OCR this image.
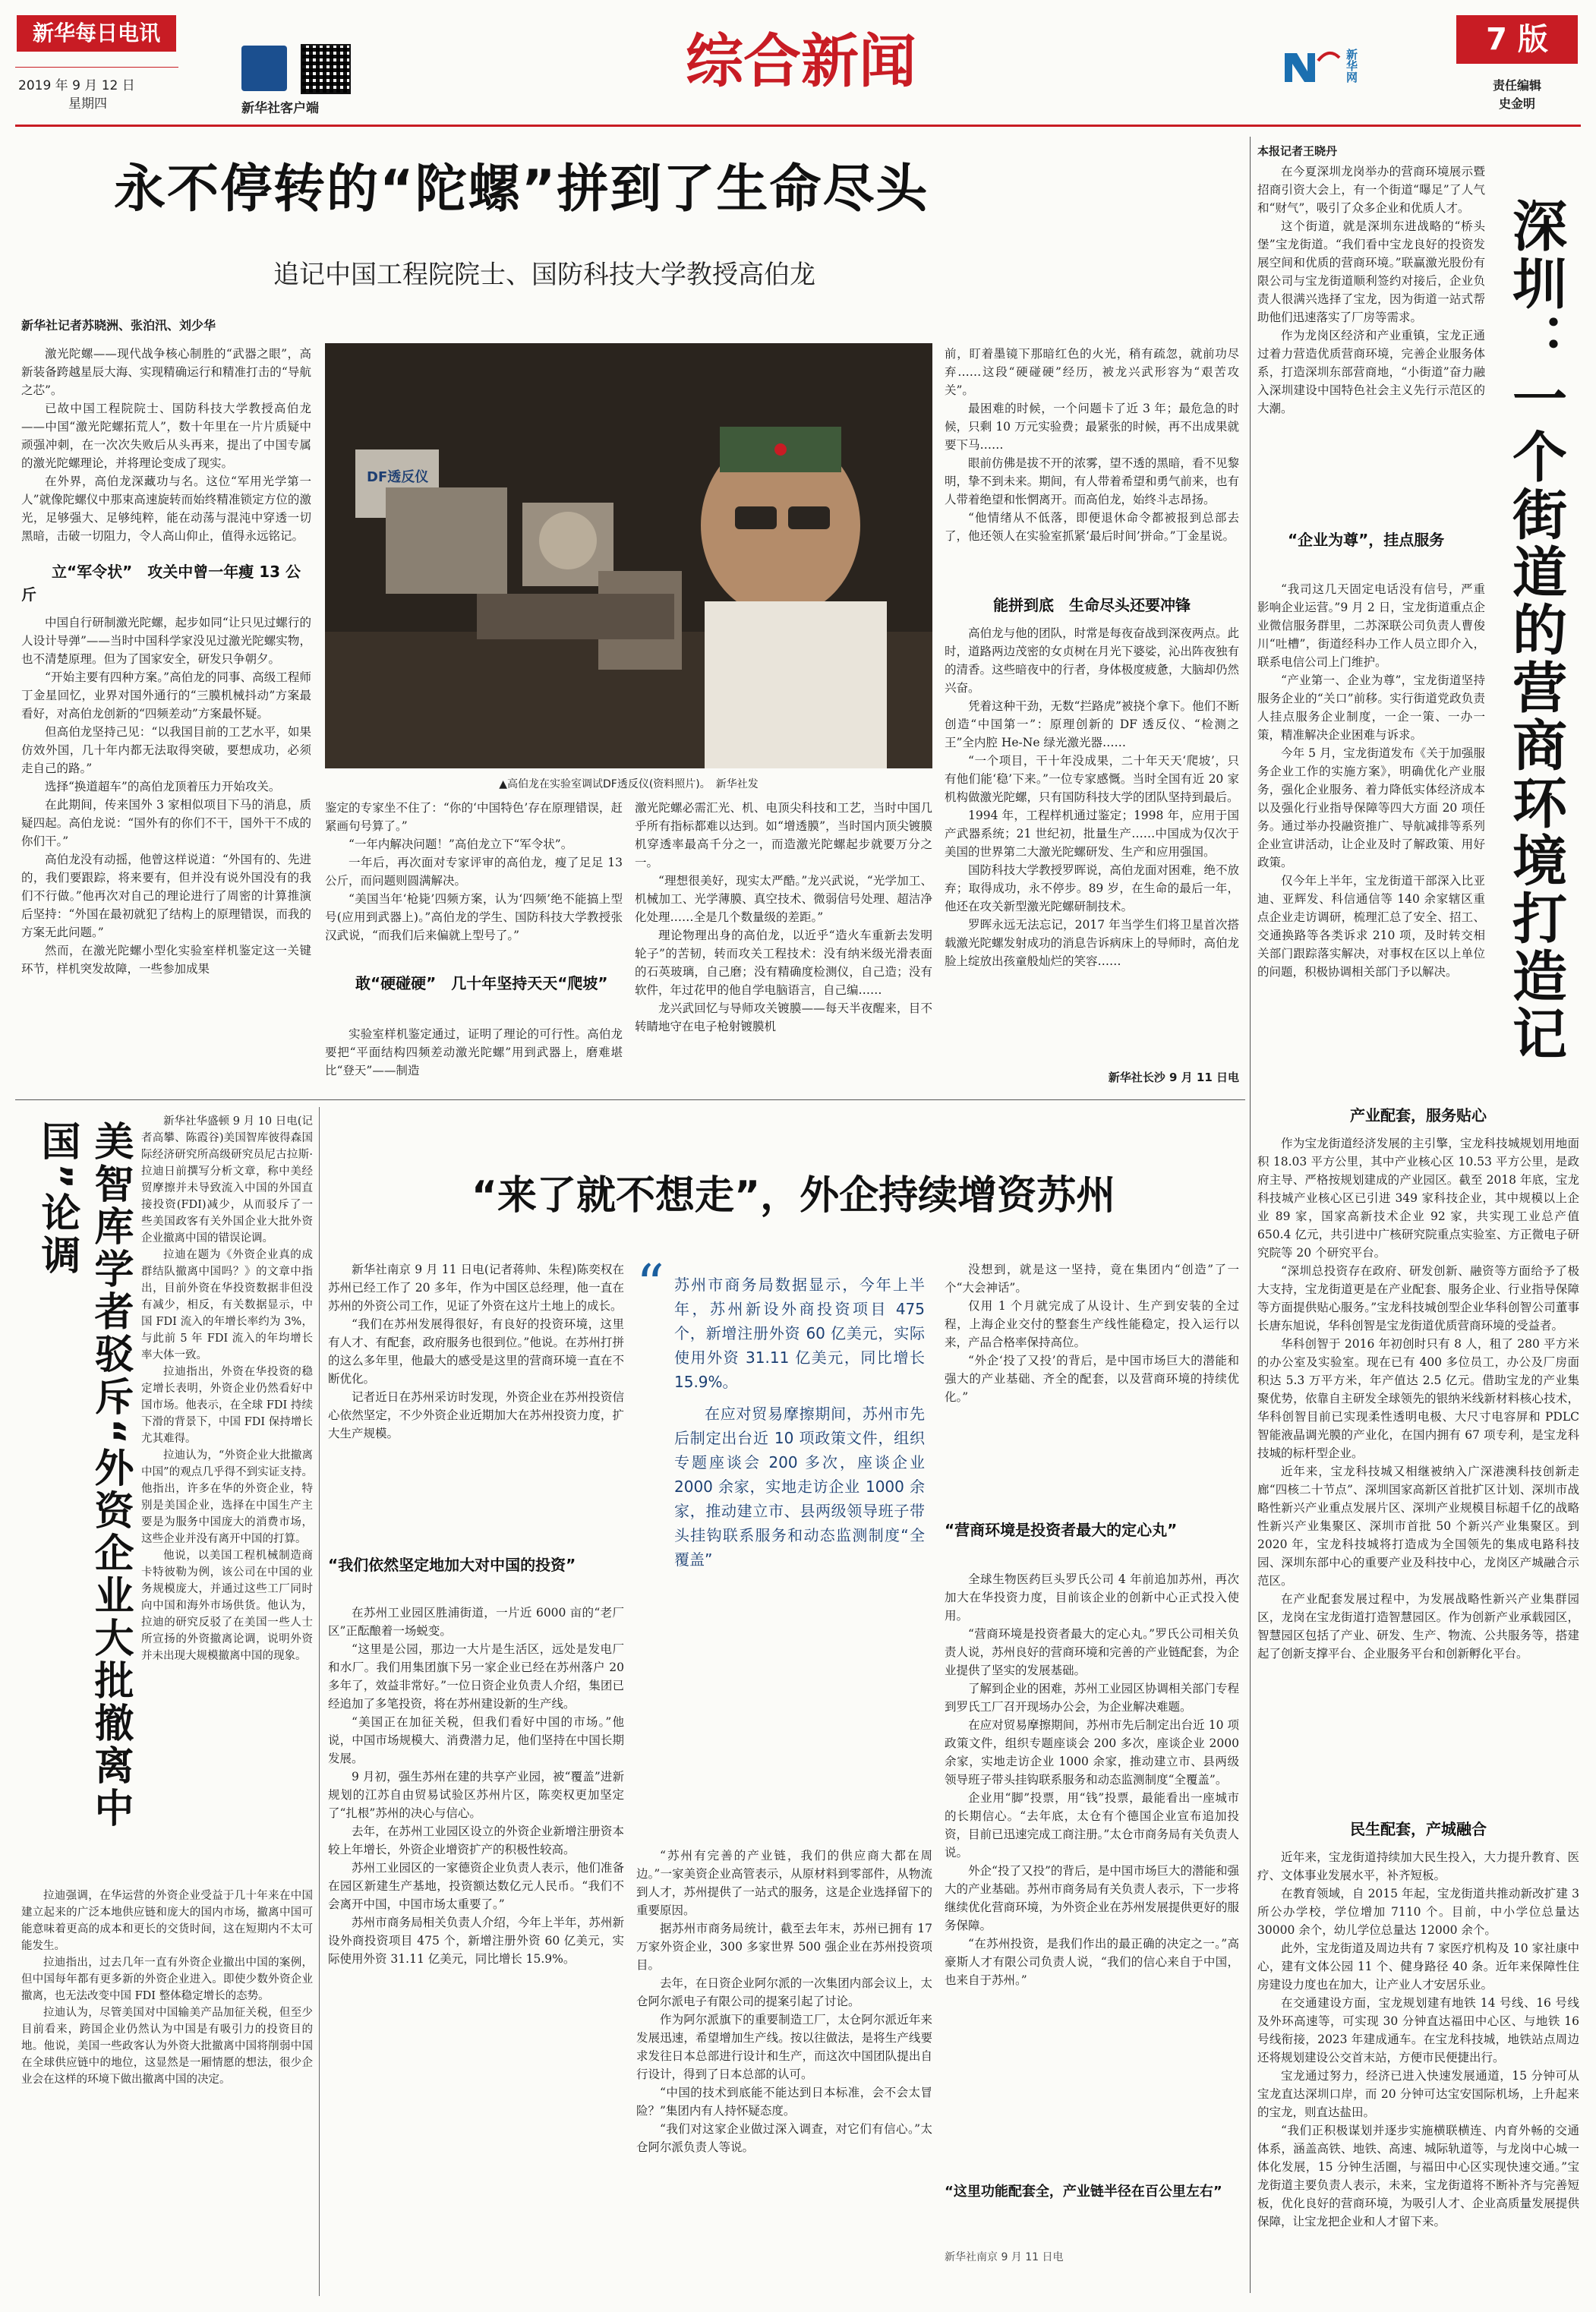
新华每日电讯
2019 年 9 月 12 日
星期四	新华社客户端
综合新闻	新华网
7 版
责任编辑
史金明
永不停转的“陀螺”拼到了生命尽头
追记中国工程院院士、国防科技大学教授高伯龙
新华社记者苏晓洲、张泊汛、刘少华

激光陀螺——现代战争核心制胜的“武器之眼”，高新装备跨越星辰大海、实现精确运行和精准打击的“导航之芯”。

已故中国工程院院士、国防科技大学教授高伯龙——中国“激光陀螺拓荒人”，数十年里在一片片质疑中顽强冲刺，在一次次失败后从头再来，提出了中国专属的激光陀螺理论，并将理论变成了现实。

在外界，高伯龙深藏功与名。这位“军用光学第一人”就像陀螺仪中那束高速旋转而始终精准锁定方位的激光，足够强大、足够纯粹，能在动荡与混沌中穿透一切黑暗，击破一切阻力，令人高山仰止，值得永远铭记。

立“军令状”　攻关中曾一年瘦 13 公斤

中国自行研制激光陀螺，起步如同“让只见过螺行的人设计导弹”——当时中国科学家没见过激光陀螺实物，也不清楚原理。但为了国家安全，研发只争朝夕。

“开始主要有四种方案。”高伯龙的同事、高级工程师丁金星回忆，业界对国外通行的“三膜机械抖动”方案最看好，对高伯龙创新的“四频差动”方案最怀疑。

但高伯龙坚持己见：“以我国目前的工艺水平，如果仿效外国，几十年内都无法取得突破，要想成功，必须走自己的路。”

选择“换道超车”的高伯龙顶着压力开始攻关。

在此期间，传来国外 3 家相似项目下马的消息，质疑四起。高伯龙说：“国外有的你们不干，国外干不成的你们干。”

高伯龙没有动摇，他曾这样说道：“外国有的、先进的，我们要跟踪，将来要有，但并没有说外国没有的我们不行做。”他再次对自己的理论进行了周密的计算推演后坚持：“外国在最初就犯了结构上的原理错误，而我的方案无此问题。”

然而，在激光陀螺小型化实验室样机鉴定这一关键环节，样机突发故障，一些参加成果

DF透反仪
▲高伯龙在实验室调试DF透反仪(资料照片)。　新华社发

鉴定的专家坐不住了：“你的‘中国特色’存在原理错误，赶紧画句号算了。”

“一年内解决问题！”高伯龙立下“军令状”。

一年后，再次面对专家评审的高伯龙，瘦了足足 13 公斤，而问题则圆满解决。

“美国当年‘枪毙’四频方案，认为‘四频’绝不能搞上型号(应用到武器上)。”高伯龙的学生、国防科技大学教授张汉武说，“而我们后来偏就上型号了。”

敢“硬碰硬”　几十年坚持天天“爬坡”

实验室样机鉴定通过，证明了理论的可行性。高伯龙要把“平面结构四频差动激光陀螺”用到武器上，磨难堪比“登天”——制造

激光陀螺必需汇光、机、电顶尖科技和工艺，当时中国几乎所有指标都难以达到。如“增透膜”，当时国内顶尖镀膜机穿透率最高千分之一，而造激光陀螺起步就要万分之一。

“理想很美好，现实太严酷。”龙兴武说，“光学加工、机械加工、光学薄膜、真空技术、微弱信号处理、超洁净化处理……全是几个数量级的差距。”

理论物理出身的高伯龙，以近乎“造火车重新去发明轮子”的苦韧，转而攻关工程技术：没有纳米级光滑表面的石英玻璃，自己磨；没有精确度检测仪，自己造；没有软件，年过花甲的他自学电脑语言，自己编……

龙兴武回忆与导师攻关镀膜——每天半夜醒来，目不转睛地守在电子枪射镀膜机

前，盯着墨镜下那暗红色的火光，稍有疏忽，就前功尽弃……这段“硬碰硬”经历，被龙兴武形容为“艰苦攻关”。

最困难的时候，一个问题卡了近 3 年；最危急的时候，只剩 10 万元实验费；最紧张的时候，再不出成果就要下马……

眼前仿佛是拔不开的浓雾，望不透的黑暗，看不见黎明，挚不到未来。期间，有人带着希望和勇气前来，也有人带着绝望和怅惘离开。而高伯龙，始终斗志昂扬。

“他情绪从不低落，即便退休命令都被报到总部去了，他还领人在实验室抓紧‘最后时间’拼命。”丁金星说。

能拼到底　生命尽头还要冲锋

高伯龙与他的团队，时常是每夜奋战到深夜两点。此时，道路两边茂密的女贞树在月光下婆娑，沁出阵夜独有的清香。这些暗夜中的行者，身体极度疲惫，大脑却仍然兴奋。

凭着这种干劲，无数“拦路虎”被挠个拿下。他们不断创造“中国第一”：原理创新的 DF 透反仪、“检测之王”全内腔 He-Ne 绿光激光器……

“一个项目，干十年没成果，二十年天天‘爬坡’，只有他们能‘稳’下来。”一位专家感慨。当时全国有近 20 家机构做激光陀螺，只有国防科技大学的团队坚持到最后。

1994 年，工程样机通过鉴定；1998 年，应用于国产武器系统；21 世纪初，批量生产……中国成为仅次于美国的世界第二大激光陀螺研发、生产和应用强国。

国防科技大学教授罗晖说，高伯龙面对困难，绝不放弃；取得成功，永不停步。89 岁，在生命的最后一年，他还在攻关新型激光陀螺研制技术。

罗晖永远无法忘记，2017 年当学生们将卫星首次搭载激光陀螺发射成功的消息告诉病床上的导师时，高伯龙脸上绽放出孩童般灿烂的笑容……

新华社长沙 9 月 11 日电
本报记者王晓丹

在今夏深圳龙岗举办的营商环境展示暨招商引资大会上，有一个街道“曝足”了人气和“财气”，吸引了众多企业和优质人才。

这个街道，就是深圳东进战略的“桥头堡”宝龙街道。“我们看中宝龙良好的投资发展空间和优质的营商环境。”联赢激光股份有限公司与宝龙街道顺利签约对接后，企业负责人很满兴选择了宝龙，因为街道一站式帮助他们迅速落实了厂房等需求。

作为龙岗区经济和产业重镇，宝龙正通过着力营造优质营商环境，完善企业服务体系，打造深圳东部营商地，“小街道”奋力融入深圳建设中国特色社会主义先行示范区的大潮。	深圳：一个街道的营商环境打造记
“企业为尊”，挂点服务

“我司这几天固定电话没有信号，严重影响企业运营。”9 月 2 日，宝龙街道重点企业微信服务群里，二苏深联公司负责人曹俊川“吐槽”，街道经科办工作人员立即介入，联系电信公司上门维护。

“产业第一、企业为尊”，宝龙街道坚持服务企业的“关口”前移。实行街道党政负责人挂点服务企业制度，一企一策、一办一策，精准解决企业困难与诉求。

今年 5 月，宝龙街道发布《关于加强服务企业工作的实施方案》，明确优化产业服务，强化企业服务、着力降低实体经济成本以及强化行业指导保障等四大方面 20 项任务。通过举办投融资推广、导航减排等系列企业宣讲活动，让企业及时了解政策、用好政策。

仅今年上半年，宝龙街道干部深入比亚迪、亚辉发、科信通信等 140 余家辖区重点企业走访调研，梳理汇总了安全、招工、交通换路等各类诉求 210 项，及时转交相关部门跟踪落实解决，对事权在区以上单位的问题，积极协调相关部门予以解决。

产业配套，服务贴心

作为宝龙街道经济发展的主引擎，宝龙科技城规划用地面积 18.03 平方公里，其中产业核心区 10.53 平方公里，是政府主导、严格按规划建成的产业园区。截至 2018 年底，宝龙科技城产业核心区已引进 349 家科技企业，其中规模以上企业 89 家，国家高新技术企业 92 家，共实现工业总产值 650.4 亿元，共引进中广核研究院重点实验室、方正微电子研究院等 20 个研究平台。

“深圳总投资存在政府、研发创新、融资等方面给予了极大支持，宝龙街道更是在产业配套、服务企业、行业指导保障等方面提供贴心服务。”宝龙科技城创型企业华科创智公司董事长唐东旭说，华科创智是宝龙街道优质营商环境的受益者。

华科创智于 2016 年初创时只有 8 人，租了 280 平方米的办公室及实验室。现在已有 400 多位员工，办公及厂房面积达 5.3 万平方米，年产值达 2.5 亿元。借助宝龙的产业集聚优势，依靠自主研发全球领先的银纳米线新材料核心技术，华科创智目前已实现柔性透明电极、大尺寸电容屏和 PDLC 智能液晶调光膜的产业化，在国内拥有 67 项专利，是宝龙科技城的标杆型企业。

近年来，宝龙科技城又相继被纳入广深港澳科技创新走廊“四核二十节点”、深圳国家高新区首批扩区计划、深圳市战略性新兴产业重点发展片区、深圳产业规模目标超千亿的战略性新兴产业集聚区、深圳市首批 50 个新兴产业集聚区。到 2020 年，宝龙科技城将打造成为全国领先的集成电路科技园、深圳东部中心的重要产业及科技中心，龙岗区产城融合示范区。

在产业配套发展过程中，为发展战略性新兴产业集群园区，龙岗在宝龙街道打造智慧园区。作为创新产业承载园区，智慧园区包括了产业、研发、生产、物流、公共服务等，搭建起了创新支撑平台、企业服务平台和创新孵化平台。

民生配套，产城融合

近年来，宝龙街道持续加大民生投入，大力提升教育、医疗、文体事业发展水平，补齐短板。

在教育领域，自 2015 年起，宝龙街道共推动新改扩建 3 所公办学校，学位增加 7110 个。目前，中小学位总量达 30000 余个，幼儿学位总量达 12000 余个。

此外，宝龙街道及周边共有 7 家医疗机构及 10 家社康中心，建有文体公园 11 个、健身路径 40 条。近年来保障性住房建设力度也在加大，让产业人才安居乐业。

在交通建设方面，宝龙规划建有地铁 14 号线、16 号线及外环高速等，可实现 30 分钟直达福田中心区、与地铁 16 号线衔接，2023 年建成通车。在宝龙科技城，地铁站点周边还将规划建设公交首末站，方便市民便捷出行。

宝龙通过努力，经济已进入快速发展通道，15 分钟可从宝龙直达深圳口岸，而 20 分钟可达宝安国际机场，上升起来的宝龙，则直达盐田。

“我们正积极谋划并逐步实施横联横连、内育外畅的交通体系，涵盖高铁、地铁、高速、城际轨道等，与龙岗中心城一体化发展，15 分钟生活圈，与福田中心区实现快速交通。”宝龙街道主要负责人表示，未来，宝龙街道将不断补齐与完善短板，优化良好的营商环境，为吸引人才、企业高质量发展提供保障，让宝龙把企业和人才留下来。

美智库学者驳斥“外资企业大批撤离中国”论调	新华社华盛顿 9 月 10 日电(记者高攀、陈霞谷)美国智库彼得森国际经济研究所高级研究员尼古拉斯·拉迪日前撰写分析文章，称中美经贸摩擦并未导致流入中国的外国直接投资(FDI)减少，从而驳斥了一些美国政客有关外国企业大批外资企业撤离中国的错误论调。

拉迪在题为《外资企业真的成群结队撤离中国吗？》的文章中指出，目前外资在华投资数据非但没有减少，相反，有关数据显示，中国 FDI 流入的年增长率约为 3%，与此前 5 年 FDI 流入的年均增长率大体一致。

拉迪指出，外资在华投资的稳定增长表明，外资企业仍然看好中国市场。他表示，在全球 FDI 持续下滑的背景下，中国 FDI 保持增长尤其难得。

拉迪认为，“外资企业大批撤离中国”的观点几乎得不到实证支持。他指出，许多在华的外资企业，特别是美国企业，选择在中国生产主要是为服务中国庞大的消费市场，这些企业并没有离开中国的打算。

他说，以美国工程机械制造商卡特彼勒为例，该公司在中国的业务规模庞大，并通过这些工厂同时向中国和海外市场供货。他认为，拉迪的研究反驳了在美国一些人士所宣扬的外资撤离论调，说明外资并未出现大规模撤离中国的现象。

拉迪强调，在华运营的外资企业受益于几十年来在中国建立起来的广泛本地供应链和庞大的国内市场，撤离中国可能意味着更高的成本和更长的交货时间，这在短期内不太可能发生。

拉迪指出，过去几年一直有外资企业撤出中国的案例，但中国每年都有更多新的外资企业进入。即使少数外资企业撤离，也无法改变中国 FDI 整体稳定增长的态势。

拉迪认为，尽管美国对中国输美产品加征关税，但至少目前看来，跨国企业仍然认为中国是有吸引力的投资目的地。他说，美国一些政客认为外资大批撤离中国将削弱中国在全球供应链中的地位，这显然是一厢情愿的想法，很少企业会在这样的环境下做出撤离中国的决定。

“来了就不想走”，外企持续增资苏州

新华社南京 9 月 11 日电(记者蒋帅、朱程)陈奕权在苏州已经工作了 20 多年，作为中国区总经理，他一直在苏州的外资公司工作，见证了外资在这片土地上的成长。

“我们在苏州发展得很好，有良好的投资环境，这里有人才、有配套，政府服务也很到位。”他说。在苏州打拼的这么多年里，他最大的感受是这里的营商环境一直在不断优化。

记者近日在苏州采访时发现，外资企业在苏州投资信心依然坚定，不少外资企业近期加大在苏州投资力度，扩大生产规模。

“ 苏州市商务局数据显示，今年上半年，苏州新设外商投资项目 475 个，新增注册外资 60 亿美元，实际使用外资 31.11 亿美元，同比增长 15.9%。

在应对贸易摩擦期间，苏州市先后制定出台近 10 项政策文件，组织专题座谈会 200 多次，座谈企业 2000 余家，实地走访企业 1000 余家，推动建立市、县两级领导班子带头挂钩联系服务和动态监测制度“全覆盖”

“我们依然坚定地加大对中国的投资”

在苏州工业园区胜浦街道，一片近 6000 亩的“老厂区”正酝酿着一场蜕变。

“这里是公园，那边一大片是生活区，远处是发电厂和水厂。我们用集团旗下另一家企业已经在苏州落户 20 多年了，效益非常好。”一位日资企业负责人介绍，集团已经追加了多笔投资，将在苏州建设新的生产线。

“美国正在加征关税，但我们看好中国的市场。”他说，中国市场规模大、消费潜力足，他们坚持在中国长期发展。

9 月初，强生苏州在建的共享产业园，被“覆盖”进新规划的江苏自由贸易试验区苏州片区，陈奕权更加坚定了“扎根”苏州的决心与信心。

去年，在苏州工业园区设立的外资企业新增注册资本较上年增长，外资企业增资扩产的积极性较高。

苏州工业园区的一家德资企业负责人表示，他们准备在园区新建生产基地，投资额达数亿元人民币。“我们不会离开中国，中国市场太重要了。”

苏州市商务局相关负责人介绍，今年上半年，苏州新设外商投资项目 475 个，新增注册外资 60 亿美元，实际使用外资 31.11 亿美元，同比增长 15.9%。

“苏州有完善的产业链，我们的供应商大都在周边。”一家美资企业高管表示，从原材料到零部件，从物流到人才，苏州提供了一站式的服务，这是企业选择留下的重要原因。

据苏州市商务局统计，截至去年末，苏州已拥有 17 万家外资企业，300 多家世界 500 强企业在苏州投资项目。

去年，在日资企业阿尔派的一次集团内部会议上，太仓阿尔派电子有限公司的提案引起了讨论。

作为阿尔派旗下的重要制造工厂，太仓阿尔派近年来发展迅速，希望增加生产线。按以往做法，是将生产线要求发往日本总部进行设计和生产，而这次中国团队提出自行设计，得到了日本总部的认可。

“中国的技术到底能不能达到日本标准，会不会太冒险？”集团内有人持怀疑态度。

“我们对这家企业做过深入调查，对它们有信心。”太仓阿尔派负责人等说。

没想到，就是这一坚持，竟在集团内“创造”了一个“大会神话”。

仅用 1 个月就完成了从设计、生产到安装的全过程，上海企业交付的整套生产线性能稳定，投入运行以来，产品合格率保持高位。

“外企‘投了又投’的背后，是中国市场巨大的潜能和强大的产业基础、齐全的配套，以及营商环境的持续优化。”

“营商环境是投资者最大的定心丸”

全球生物医药巨头罗氏公司 4 年前追加苏州，再次加大在华投资力度，目前该企业的创新中心正式投入使用。

“营商环境是投资者最大的定心丸。”罗氏公司相关负责人说，苏州良好的营商环境和完善的产业链配套，为企业提供了坚实的发展基础。

了解到企业的困难，苏州工业园区协调相关部门专程到罗氏工厂召开现场办公会，为企业解决难题。

在应对贸易摩擦期间，苏州市先后制定出台近 10 项政策文件，组织专题座谈会 200 多次，座谈企业 2000 余家，实地走访企业 1000 余家，推动建立市、县两级领导班子带头挂钩联系服务和动态监测制度“全覆盖”。

企业用“脚”投票，用“钱”投票，最能看出一座城市的长期信心。“去年底，太仓有个德国企业宣布追加投资，目前已迅速完成工商注册。”太仓市商务局有关负责人说。

外企“投了又投”的背后，是中国市场巨大的潜能和强大的产业基础。苏州市商务局有关负责人表示，下一步将继续优化营商环境，为外资企业在苏州发展提供更好的服务保障。

“在苏州投资，是我们作出的最正确的决定之一。”高豪斯人才有限公司负责人说，“我们的信心来自于中国，也来自于苏州。”

“这里功能配套全，产业链半径在百公里左右”
新华社南京 9 月 11 日电
